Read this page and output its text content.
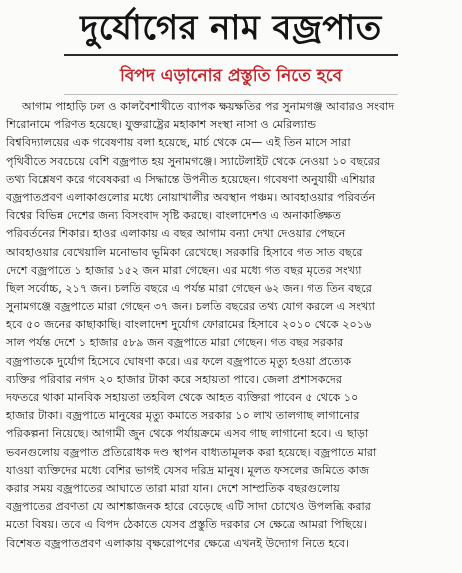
দুর্যোগের নাম বজ্রপাত
বিপদ এড়ানোর প্রস্তুতি নিতে হবে
আগাম পাহাড়ি ঢল ও কালবৈশাখীতে ব্যাপক ক্ষয়ক্ষতির পর সুনামগঞ্জ আবারও সংবাদ
শিরোনামে পরিণত হয়েছে। যুক্তরাষ্ট্রের মহাকাশ সংস্থা নাসা ও মেরিল্যান্ড
বিশ্ববিদ্যালয়ের এক গবেষণায় বলা হয়েছে, মার্চ থেকে মে— এই তিন মাসে সারা
পৃথিবীতে সবচেয়ে বেশি বজ্রপাত হয় সুনামগঞ্জে। স্যাটেলাইট থেকে নেওয়া ১০ বছরের
তথ্য বিশ্লেষণ করে গবেষকরা এ সিদ্ধান্তে উপনীত হয়েছেন। গবেষণা অনুযায়ী এশিয়ার
বজ্রপাতপ্রবণ এলাকাগুলোর মধ্যে নোয়াখালীর অবস্থান পঞ্চম। আবহাওয়ার পরিবর্তন
বিশ্বের বিভিন্ন দেশের জন্য বিসংবাদ সৃষ্টি করছে। বাংলাদেশও এ অনাকাঙ্ক্ষিত
পরিবর্তনের শিকার। হাওর এলাকায় এ বছর আগাম বন্যা দেখা দেওয়ার পেছনে
আবহাওয়ার বেখেয়ালি মনোভাব ভূমিকা রেখেছে। সরকারি হিসাবে গত সাত বছরে
দেশে বজ্রপাতে ১ হাজার ১৫২ জন মারা গেছেন। এর মধ্যে গত বছর মৃতের সংখ্যা
ছিল সর্বোচ্চ, ২১৭ জন। চলতি বছরে এ পর্যন্ত মারা গেছেন ৬২ জন। গত তিন বছরে
সুনামগঞ্জে বজ্রপাতে মারা গেছেন ৩৭ জন। চলতি বছরের তথ্য যোগ করলে এ সংখ্যা
হবে ৫০ জনের কাছাকাছি। বাংলাদেশ দুর্যোগ ফোরামের হিসাবে ২০১০ থেকে ২০১৬
সাল পর্যন্ত দেশে ১ হাজার ৫৮৯ জন বজ্রপাতে মারা গেছেন। গত বছর সরকার
বজ্রপাতকে দুর্যোগ হিসেবে ঘোষণা করে। এর ফলে বজ্রপাতে মৃত্যু হওয়া প্রত্যেক
ব্যক্তির পরিবার নগদ ২০ হাজার টাকা করে সহায়তা পাবে। জেলা প্রশাসকদের
দফতরে থাকা মানবিক সহায়তা তহবিল থেকে আহত ব্যক্তিরা পাবেন ৫ থেকে ১০
হাজার টাকা। বজ্রপাতে মানুষের মৃত্যু কমাতে সরকার ১০ লাখ তালগাছ লাগানোর
পরিকল্পনা নিয়েছে। আগামী জুন থেকে পর্যায়ক্রমে এসব গাছ লাগানো হবে। এ ছাড়া
ভবনগুলোয় বজ্রপাত প্রতিরোধক দণ্ড স্থাপন বাধ্যতামূলক করা হয়েছে। বজ্রপাতে মারা
যাওয়া ব্যক্তিদের মধ্যে বেশির ভাগই যেসব দরিদ্র মানুষ। মূলত ফসলের জমিতে কাজ
করার সময় বজ্রপাতের আঘাতে তারা মারা যান। দেশে সাম্প্রতিক বছরগুলোয়
বজ্রপাতের প্রবণতা যে আশঙ্কাজনক হারে বেড়েছে এটি সাদা চোখেও উপলব্ধি করার
মতো বিষয়। তবে এ বিপদ ঠেকাতে যেসব প্রস্তুতি দরকার সে ক্ষেত্রে আমরা পিছিয়ে।
বিশেষত বজ্রপাতপ্রবণ এলাকায় বৃক্ষরোপণের ক্ষেত্রে এখনই উদ্যোগ নিতে হবে।
